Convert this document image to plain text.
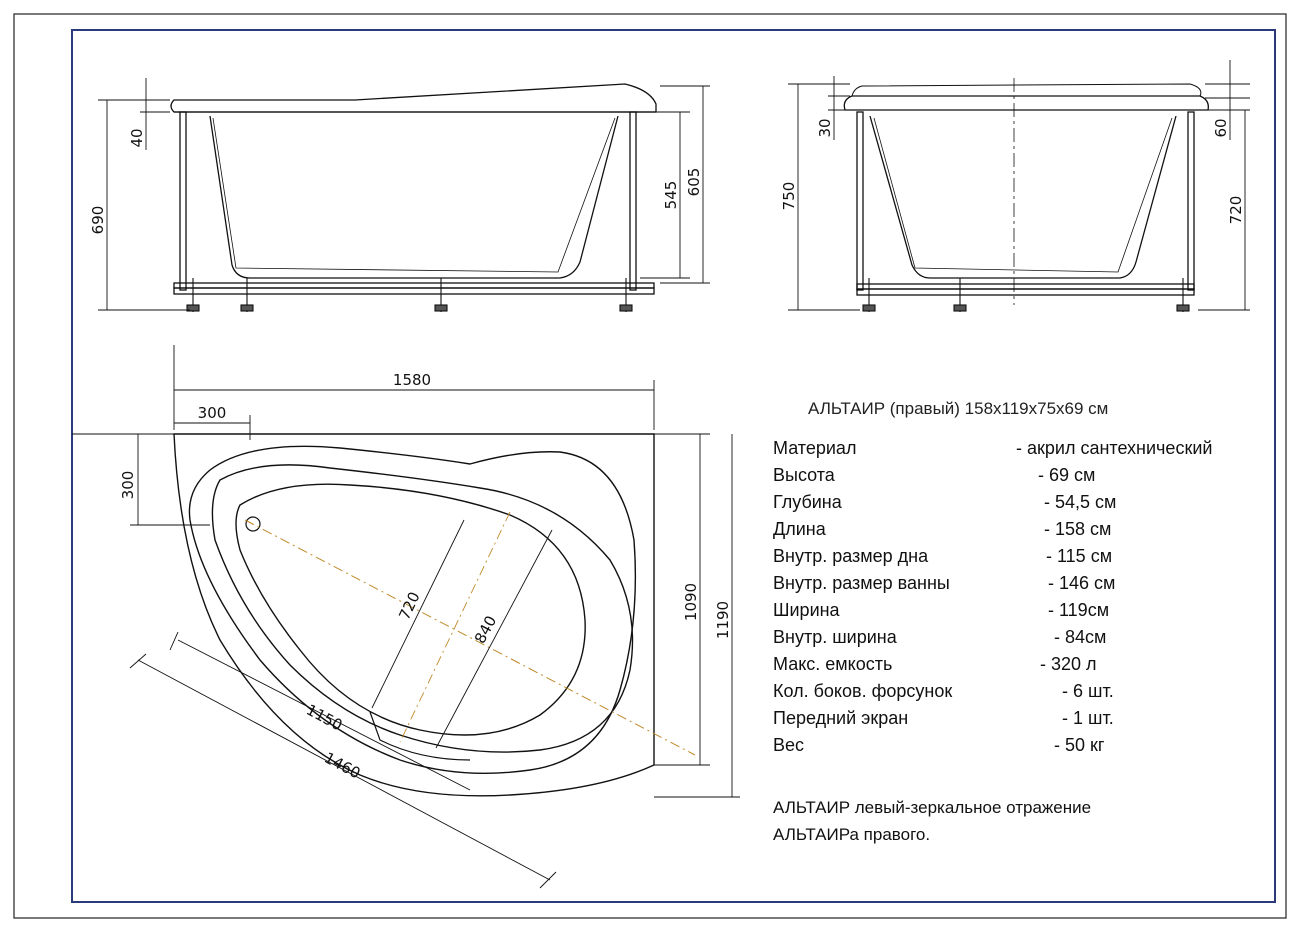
690
40
545 605	750
30	60
720
1580
300
300
1090 1190
720
840
1150
1460
АЛЬТАИР (правый) 158x119x75x69 см
Материал	- акрил сантехнический
Высота	- 69 см
Глубина	- 54,5 см
Длина	- 158 см
Внутр. размер дна	- 115 см
Внутр. размер ванны	- 146 см
Ширина	- 119см
Внутр. ширина	- 84см
Макс. емкость	- 320 л
Кол. боков. форсунок	- 6 шт.
Передний экран	- 1 шт.
Вес	- 50 кг
АЛЬТАИР левый-зеркальное отражение
АЛЬТАИРа правого.
